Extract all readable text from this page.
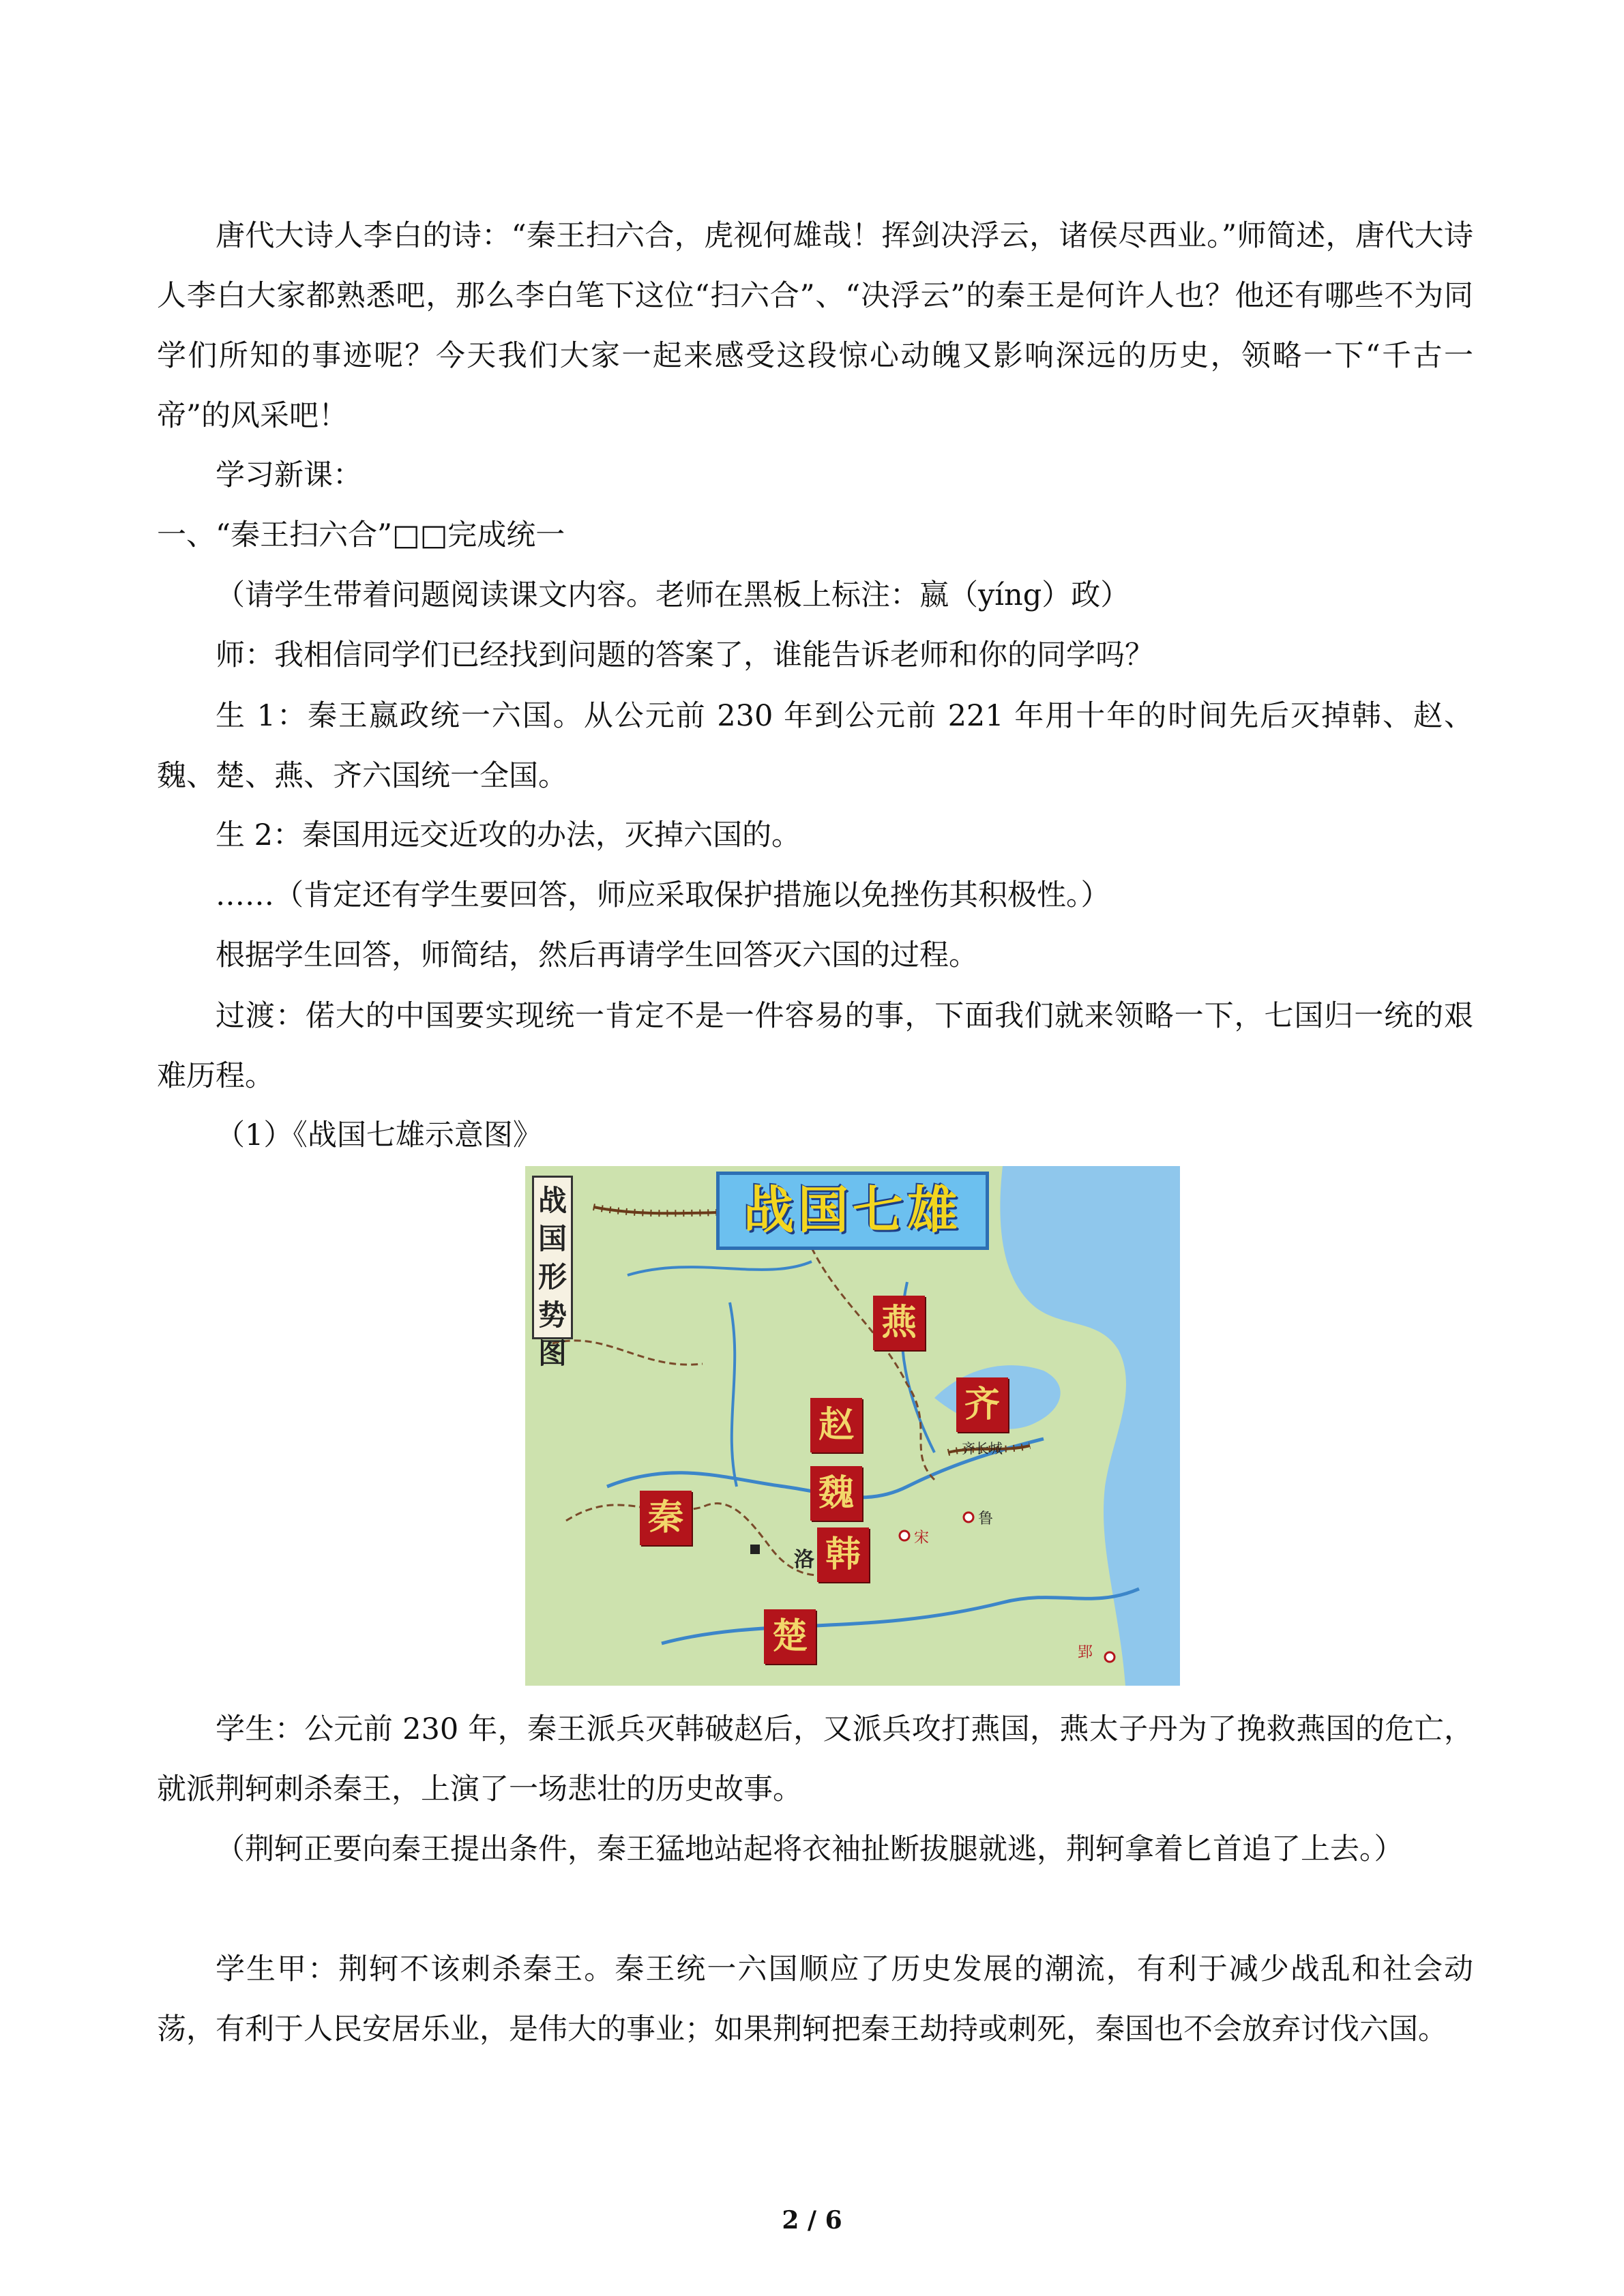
唐代大诗人李白的诗：“秦王扫六合，虎视何雄哉！挥剑决浮云，诸侯尽西业。”师简述，唐代大诗人李白大家都熟悉吧，那么李白笔下这位“扫六合”、“决浮云”的秦王是何许人也？他还有哪些不为同学们所知的事迹呢？今天我们大家一起来感受这段惊心动魄又影响深远的历史，领略一下“千古一帝”的风采吧！

学习新课：

一、“秦王扫六合”□□完成统一

（请学生带着问题阅读课文内容。老师在黑板上标注：嬴（yíng）政）

师：我相信同学们已经找到问题的答案了，谁能告诉老师和你的同学吗？

生 1：秦王嬴政统一六国。从公元前 230 年到公元前 221 年用十年的时间先后灭掉韩、赵、魏、楚、燕、齐六国统一全国。

生 2：秦国用远交近攻的办法，灭掉六国的。

……（肯定还有学生要回答，师应采取保护措施以免挫伤其积极性。）

根据学生回答，师简结，然后再请学生回答灭六国的过程。

过渡：偌大的中国要实现统一肯定不是一件容易的事，下面我们就来领略一下，七国归一统的艰难历程。

（1）《战国七雄示意图》

战国七雄
战国形势图
燕
齐
赵
魏
秦
韩
楚
鲁
宋
洛
齐长城
郢

学生：公元前 230 年，秦王派兵灭韩破赵后，又派兵攻打燕国，燕太子丹为了挽救燕国的危亡，就派荆轲刺杀秦王，上演了一场悲壮的历史故事。

（荆轲正要向秦王提出条件，秦王猛地站起将衣袖扯断拔腿就逃，荆轲拿着匕首追了上去。）

学生甲：荆轲不该刺杀秦王。秦王统一六国顺应了历史发展的潮流，有利于减少战乱和社会动荡，有利于人民安居乐业，是伟大的事业；如果荆轲把秦王劫持或刺死，秦国也不会放弃讨伐六国。

2 / 6
